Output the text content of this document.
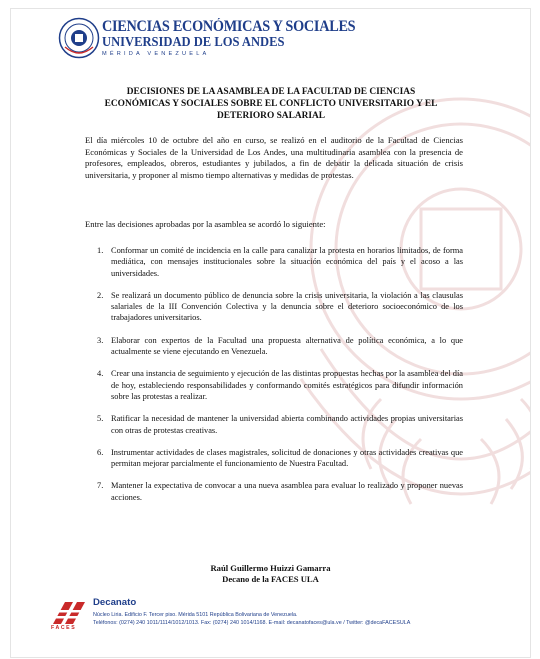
CIENCIAS ECONÓMICAS Y SOCIALES
UNIVERSIDAD DE LOS ANDES
MÉRIDA VENEZUELA
DECISIONES DE LA ASAMBLEA DE LA FACULTAD DE CIENCIAS ECONÓMICAS Y SOCIALES SOBRE EL CONFLICTO UNIVERSITARIO Y EL DETERIORO SALARIAL
El día miércoles 10 de octubre del año en curso, se realizó en el auditorio de la Facultad de Ciencias Económicas y Sociales de la Universidad de Los Andes, una multitudinaria asamblea con la presencia de profesores, empleados, obreros, estudiantes y jubilados, a fin de debatir la delicada situación de crisis universitaria, y proponer al mismo tiempo alternativas y medidas de protestas.
Entre las decisiones aprobadas por la asamblea se acordó lo siguiente:
1. Conformar un comité de incidencia en la calle para canalizar la protesta en horarios limitados, de forma mediática, con mensajes institucionales sobre la situación económica del país y el acoso a las universidades.
2. Se realizará un documento público de denuncia sobre la crisis universitaria, la violación a las clausulas salariales de la III Convención Colectiva y la denuncia sobre el deterioro socioeconómico de los trabajadores universitarios.
3. Elaborar con expertos de la Facultad una propuesta alternativa de política económica, a lo que actualmente se viene ejecutando en Venezuela.
4. Crear una instancia de seguimiento y ejecución de las distintas propuestas hechas por la asamblea del día de hoy, estableciendo responsabilidades y conformando comités estratégicos para difundir información sobre las protestas a realizar.
5. Ratificar la necesidad de mantener la universidad abierta combinando actividades propias universitarias con otras de protestas creativas.
6. Instrumentar actividades de clases magistrales, solicitud de donaciones y otras actividades creativas que permitan mejorar parcialmente el funcionamiento de Nuestra Facultad.
7. Mantener la expectativa de convocar a una nueva asamblea para evaluar lo realizado y proponer nuevas acciones.
Raúl Guillermo Huizzi Gamarra
Decano de la FACES ULA
FACES
Decanato
Núcleo Liria. Edificio F. Tercer piso. Mérida 5101 República Bolivariana de Venezuela.
Teléfonos: (0274) 240 1011/1114/1012/1013. Fax: (0274) 240 1014/1168. E-mail: decanatofaces@ula.ve / Twitter: @decaFACESULA
